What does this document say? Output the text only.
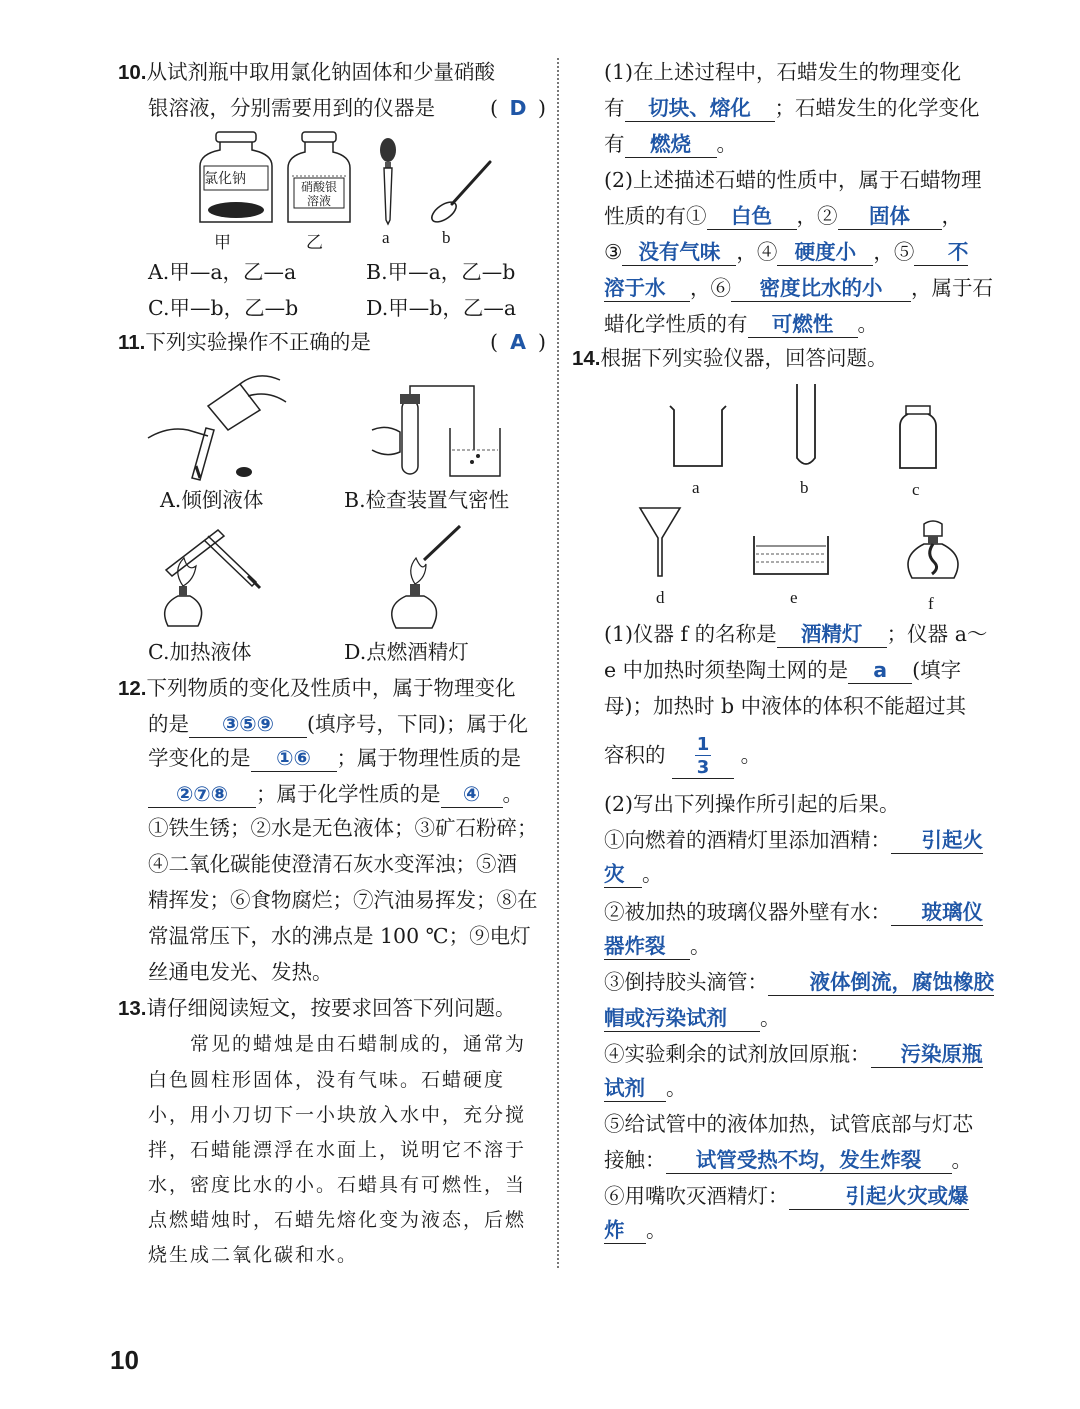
10.从试剂瓶中取用氯化钠固体和少量硝酸
银溶液，分别需要用到的仪器是	( D )
氯化钠	硝酸银
溶液
甲	乙	a	b
A.甲—a，乙—a	B.甲—a，乙—b
C.甲—b，乙—b	D.甲—b，乙—a
11.下列实验操作不正确的是	( A )
A.倾倒液体	B.检查装置气密性
C.加热液体	D.点燃酒精灯
12.下列物质的变化及性质中，属于物理变化
的是 ③⑤⑨ (填序号，下同)；属于化
学变化的是 ①⑥ ；属于物理性质的是
②⑦⑧ ；属于化学性质的是 ④ 。
①铁生锈；②水是无色液体；③矿石粉碎；
④二氧化碳能使澄清石灰水变浑浊；⑤酒
精挥发；⑥食物腐烂；⑦汽油易挥发；⑧在
常温常压下，水的沸点是 100 ℃；⑨电灯
丝通电发光、发热。
13.请仔细阅读短文，按要求回答下列问题。
常见的蜡烛是由石蜡制成的，通常为
白色圆柱形固体，没有气味。石蜡硬度
小，用小刀切下一小块放入水中，充分搅
拌，石蜡能漂浮在水面上，说明它不溶于
水，密度比水的小。石蜡具有可燃性，当
点燃蜡烛时，石蜡先熔化变为液态，后燃
烧生成二氧化碳和水。
(1)在上述过程中，石蜡发生的物理变化
有 切块、熔化 ；石蜡发生的化学变化
有 燃烧 。
(2)上述描述石蜡的性质中，属于石蜡物理
性质的有① 白色 ，② 固体 ，
③ 没有气味 ，④ 硬度小 ，⑤ 不
溶于水 ，⑥ 密度比水的小 ，属于石
蜡化学性质的有 可燃性 。
14.根据下列实验仪器，回答问题。
a	b	c
d	e	f
(1)仪器 f 的名称是 酒精灯 ；仪器 a～
e 中加热时须垫陶土网的是 a (填字
母)；加热时 b 中液体的体积不能超过其
容积的 $\frac{1}{3}$ 。
(2)写出下列操作所引起的后果。
①向燃着的酒精灯里添加酒精： 引起火
灾 。
②被加热的玻璃仪器外壁有水： 玻璃仪
器炸裂 。
③倒持胶头滴管： 液体倒流，腐蚀橡胶
帽或污染试剂 。
④实验剩余的试剂放回原瓶： 污染原瓶
试剂 。
⑤给试管中的液体加热，试管底部与灯芯
接触： 试管受热不均，发生炸裂 。
⑥用嘴吹灭酒精灯：	引起火灾或爆
炸 。
10
